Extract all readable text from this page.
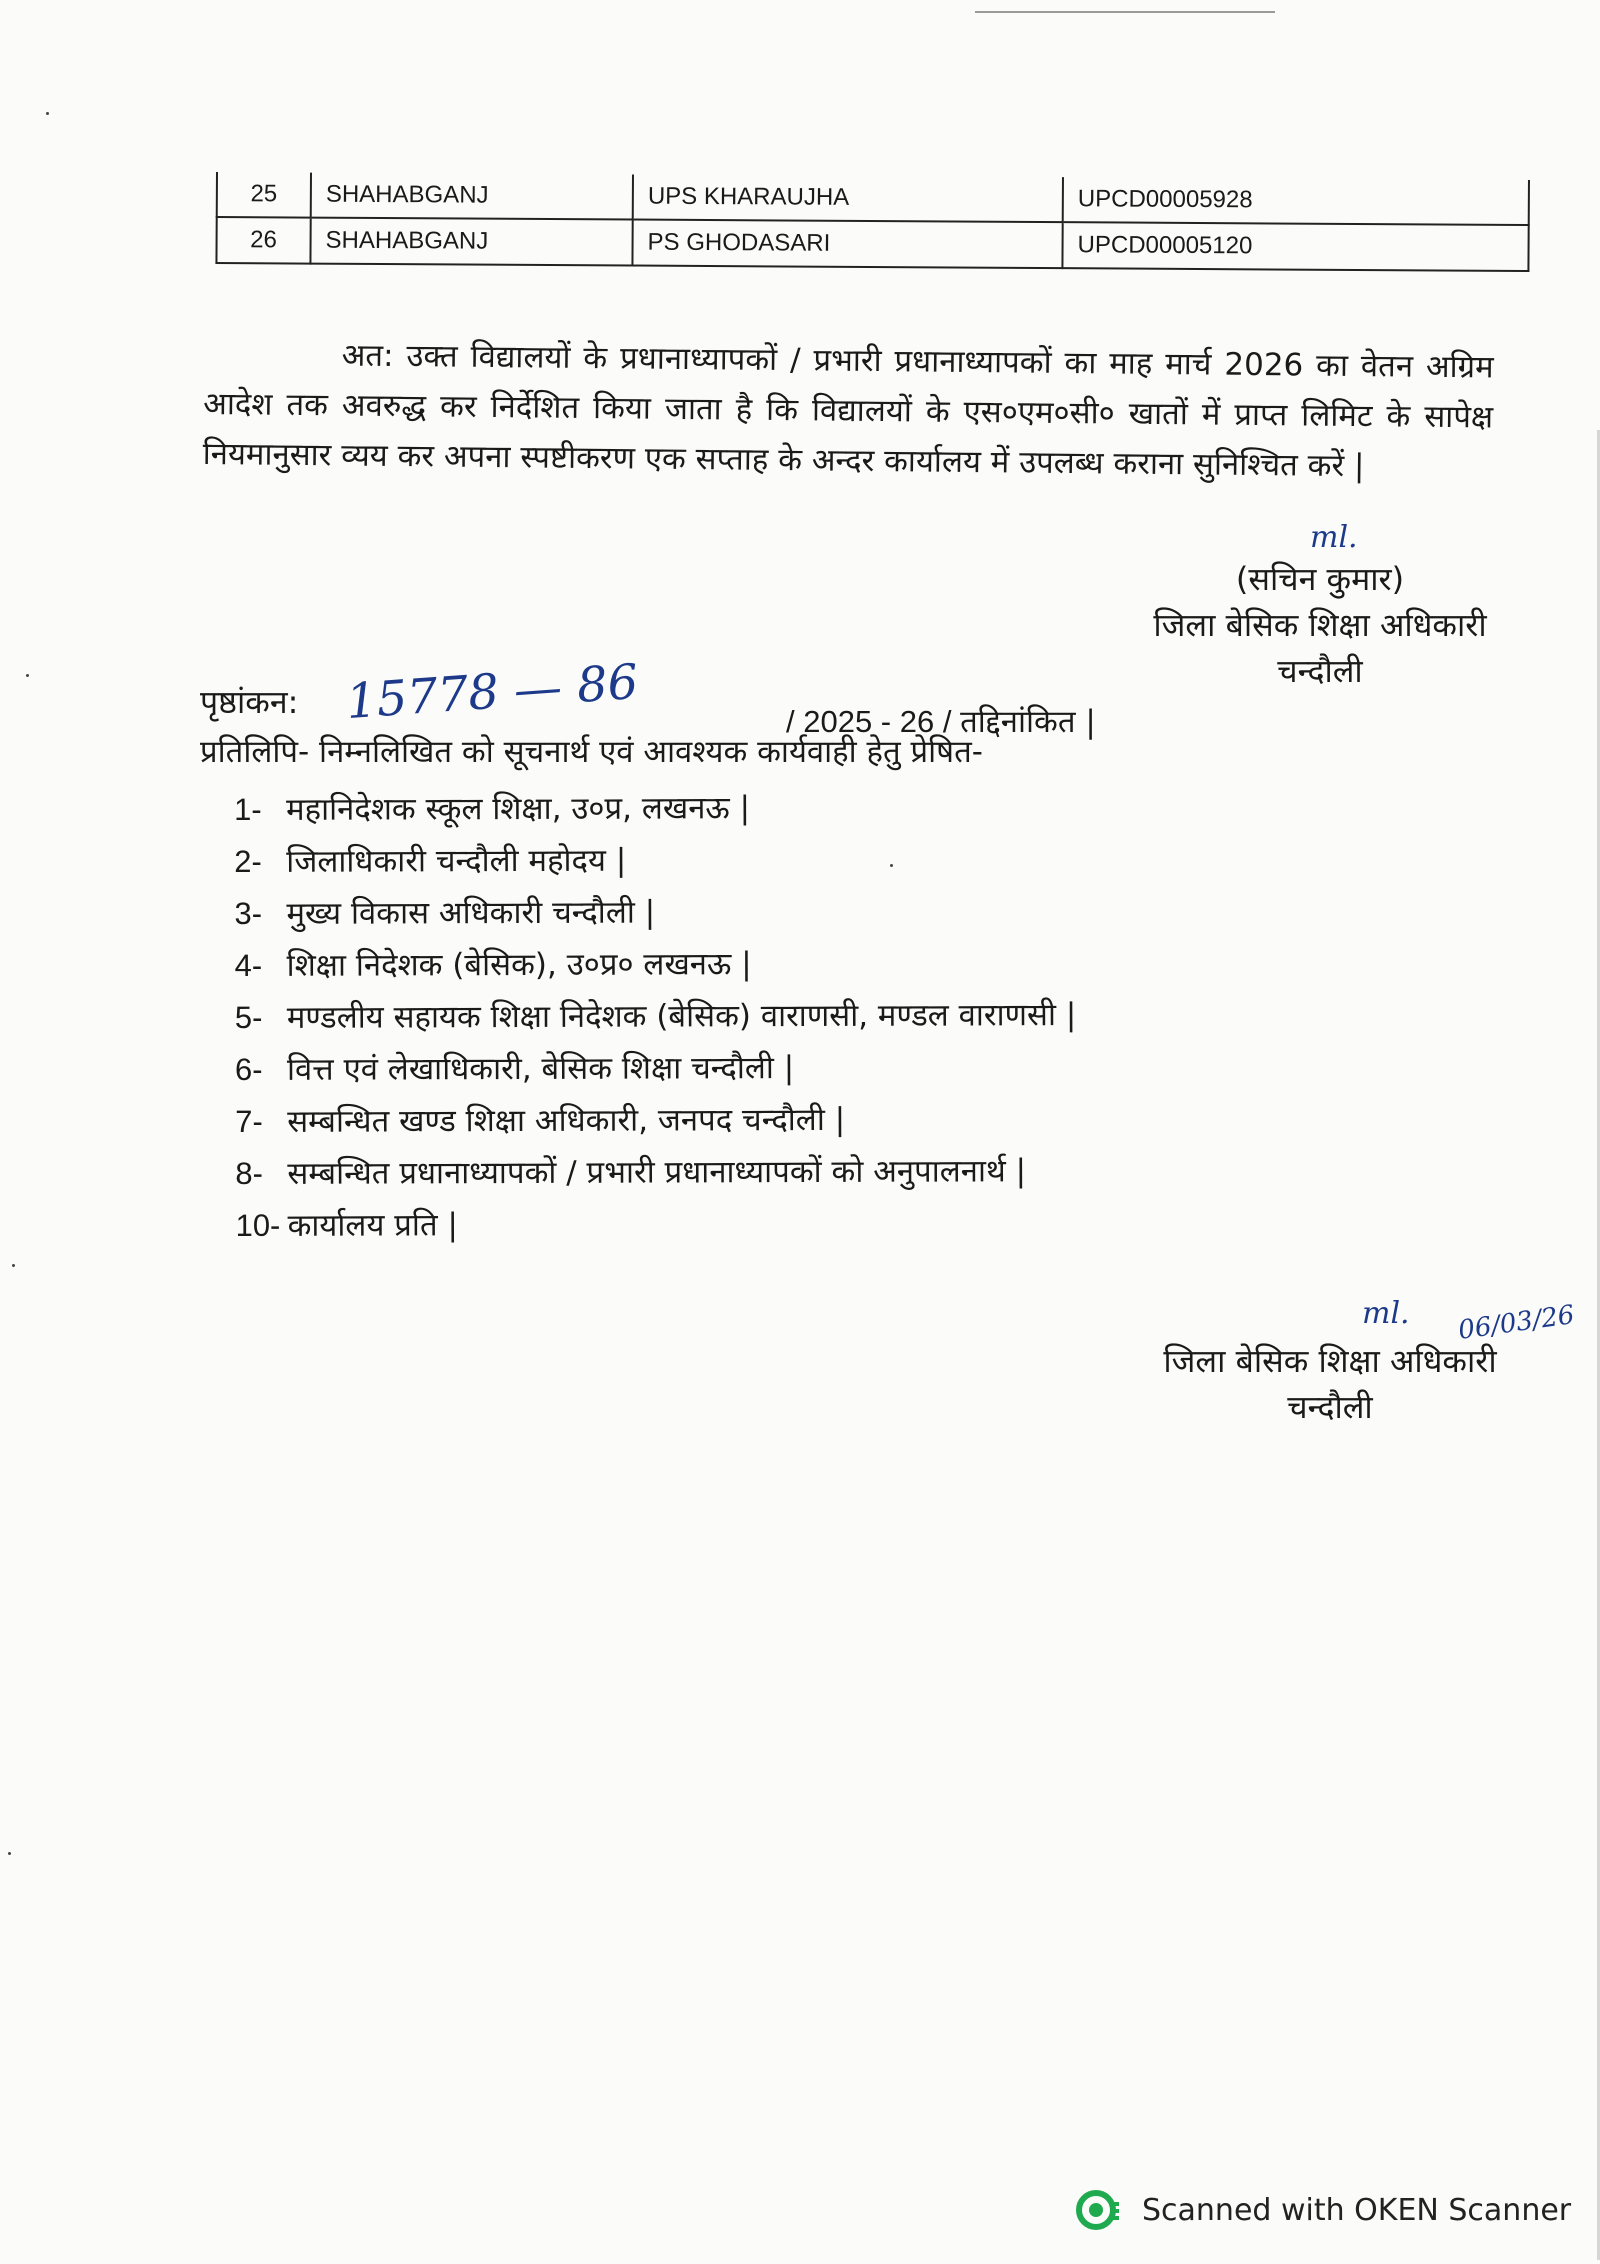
25	SHAHABGANJ	UPS KHARAUJHA	UPCD00005928
26	SHAHABGANJ	PS GHODASARI	UPCD00005120

अत: उक्त विद्यालयों के प्रधानाध्यापकों / प्रभारी प्रधानाध्यापकों का माह मार्च 2026 का वेतन अग्रिम आदेश तक अवरुद्ध कर निर्देशित किया जाता है कि विद्यालयों के एस०एम०सी० खातों में प्राप्त लिमिट के सापेक्ष नियमानुसार व्यय कर अपना स्पष्टीकरण एक सप्ताह के अन्दर कार्यालय में उपलब्ध कराना सुनिश्चित करें |

ml.
(सचिन कुमार)
जिला बेसिक शिक्षा अधिकारी
चन्दौली
पृष्ठांकन: 15778 — 86	/ 2025 - 26 / तद्दिनांकित |
प्रतिलिपि- निम्नलिखित को सूचनार्थ एवं आवश्यक कार्यवाही हेतु प्रेषित-
1- महानिदेशक स्कूल शिक्षा, उ०प्र, लखनऊ |
2- जिलाधिकारी चन्दौली महोदय |
3- मुख्य विकास अधिकारी चन्दौली |
4- शिक्षा निदेशक (बेसिक), उ०प्र० लखनऊ |
5- मण्डलीय सहायक शिक्षा निदेशक (बेसिक) वाराणसी, मण्डल वाराणसी |
6- वित्त एवं लेखाधिकारी, बेसिक शिक्षा चन्दौली |
7- सम्बन्धित खण्ड शिक्षा अधिकारी, जनपद चन्दौली |
8- सम्बन्धित प्रधानाध्यापकों / प्रभारी प्रधानाध्यापकों को अनुपालनार्थ |
10- कार्यालय प्रति |
ml. 06/03/26
जिला बेसिक शिक्षा अधिकारी
चन्दौली
Scanned with OKEN Scanner
